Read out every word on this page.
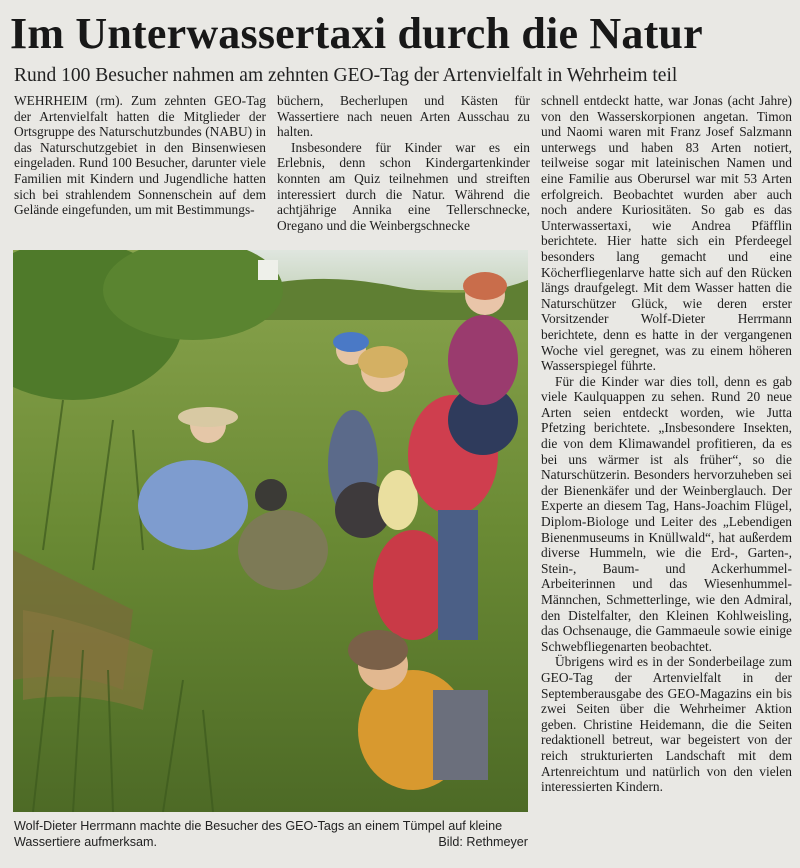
Im Unterwassertaxi durch die Natur
Rund 100 Besucher nahmen am zehnten GEO-Tag der Artenvielfalt in Wehrheim teil

WEHRHEIM (rm). Zum zehnten GEO-Tag der Artenvielfalt hatten die Mitglieder der Ortsgruppe des Naturschutzbundes (NABU) in das Naturschutzgebiet in den Binsenwiesen eingeladen. Rund 100 Besucher, darunter viele Familien mit Kindern und Jugendliche hatten sich bei strahlendem Sonnenschein auf dem Gelände eingefunden, um mit Bestimmungs-

büchern, Becherlupen und Kästen für Wassertiere nach neuen Arten Ausschau zu halten.

Insbesondere für Kinder war es ein Erlebnis, denn schon Kindergartenkinder konnten am Quiz teilnehmen und streiften interessiert durch die Natur. Während die achtjährige Annika eine Tellerschnecke, Oregano und die Weinbergschnecke

schnell entdeckt hatte, war Jonas (acht Jahre) von den Wasserskorpionen angetan. Timon und Naomi waren mit Franz Josef Salzmann unterwegs und haben 83 Arten notiert, teilweise sogar mit lateinischen Namen und eine Familie aus Oberursel war mit 53 Arten erfolgreich. Beobachtet wurden aber auch noch andere Kuriositäten. So gab es das Unterwassertaxi, wie Andrea Pfäfflin berichtete. Hier hatte sich ein Pferdeegel besonders lang gemacht und eine Köcherfliegenlarve hatte sich auf den Rücken längs draufgelegt. Mit dem Wasser hatten die Naturschützer Glück, wie deren erster Vorsitzender Wolf-Dieter Herrmann berichtete, denn es hatte in der vergangenen Woche viel geregnet, was zu einem höheren Wasserspiegel führte.

Für die Kinder war dies toll, denn es gab viele Kaulquappen zu sehen. Rund 20 neue Arten seien entdeckt worden, wie Jutta Pfetzing berichtete. „Insbesondere Insekten, die von dem Klimawandel profitieren, da es bei uns wärmer ist als früher“, so die Naturschützerin. Besonders hervorzuheben sei der Bienenkäfer und der Weinberglauch. Der Experte an diesem Tag, Hans-Joachim Flügel, Diplom-Biologe und Leiter des „Lebendigen Bienenmuseums in Knüllwald“, hat außerdem diverse Hummeln, wie die Erd-, Garten-, Stein-, Baum- und Ackerhummel-Arbeiterinnen und das Wiesenhummel-Männchen, Schmetterlinge, wie den Admiral, den Distelfalter, den Kleinen Kohlweisling, das Ochsenauge, die Gammaeule sowie einige Schwebfliegenarten beobachtet.

Übrigens wird es in der Sonderbeilage zum GEO-Tag der Artenvielfalt in der Septemberausgabe des GEO-Magazins ein bis zwei Seiten über die Wehrheimer Aktion geben. Christine Heidemann, die die Seiten redaktionell betreut, war begeistert von der reich strukturierten Landschaft mit dem Artenreichtum und natürlich von den vielen interessierten Kindern.

Wolf-Dieter Herrmann machte die Besucher des GEO-Tags an einem Tümpel auf kleine Wassertiere aufmerksam.	Bild: Rethmeyer
